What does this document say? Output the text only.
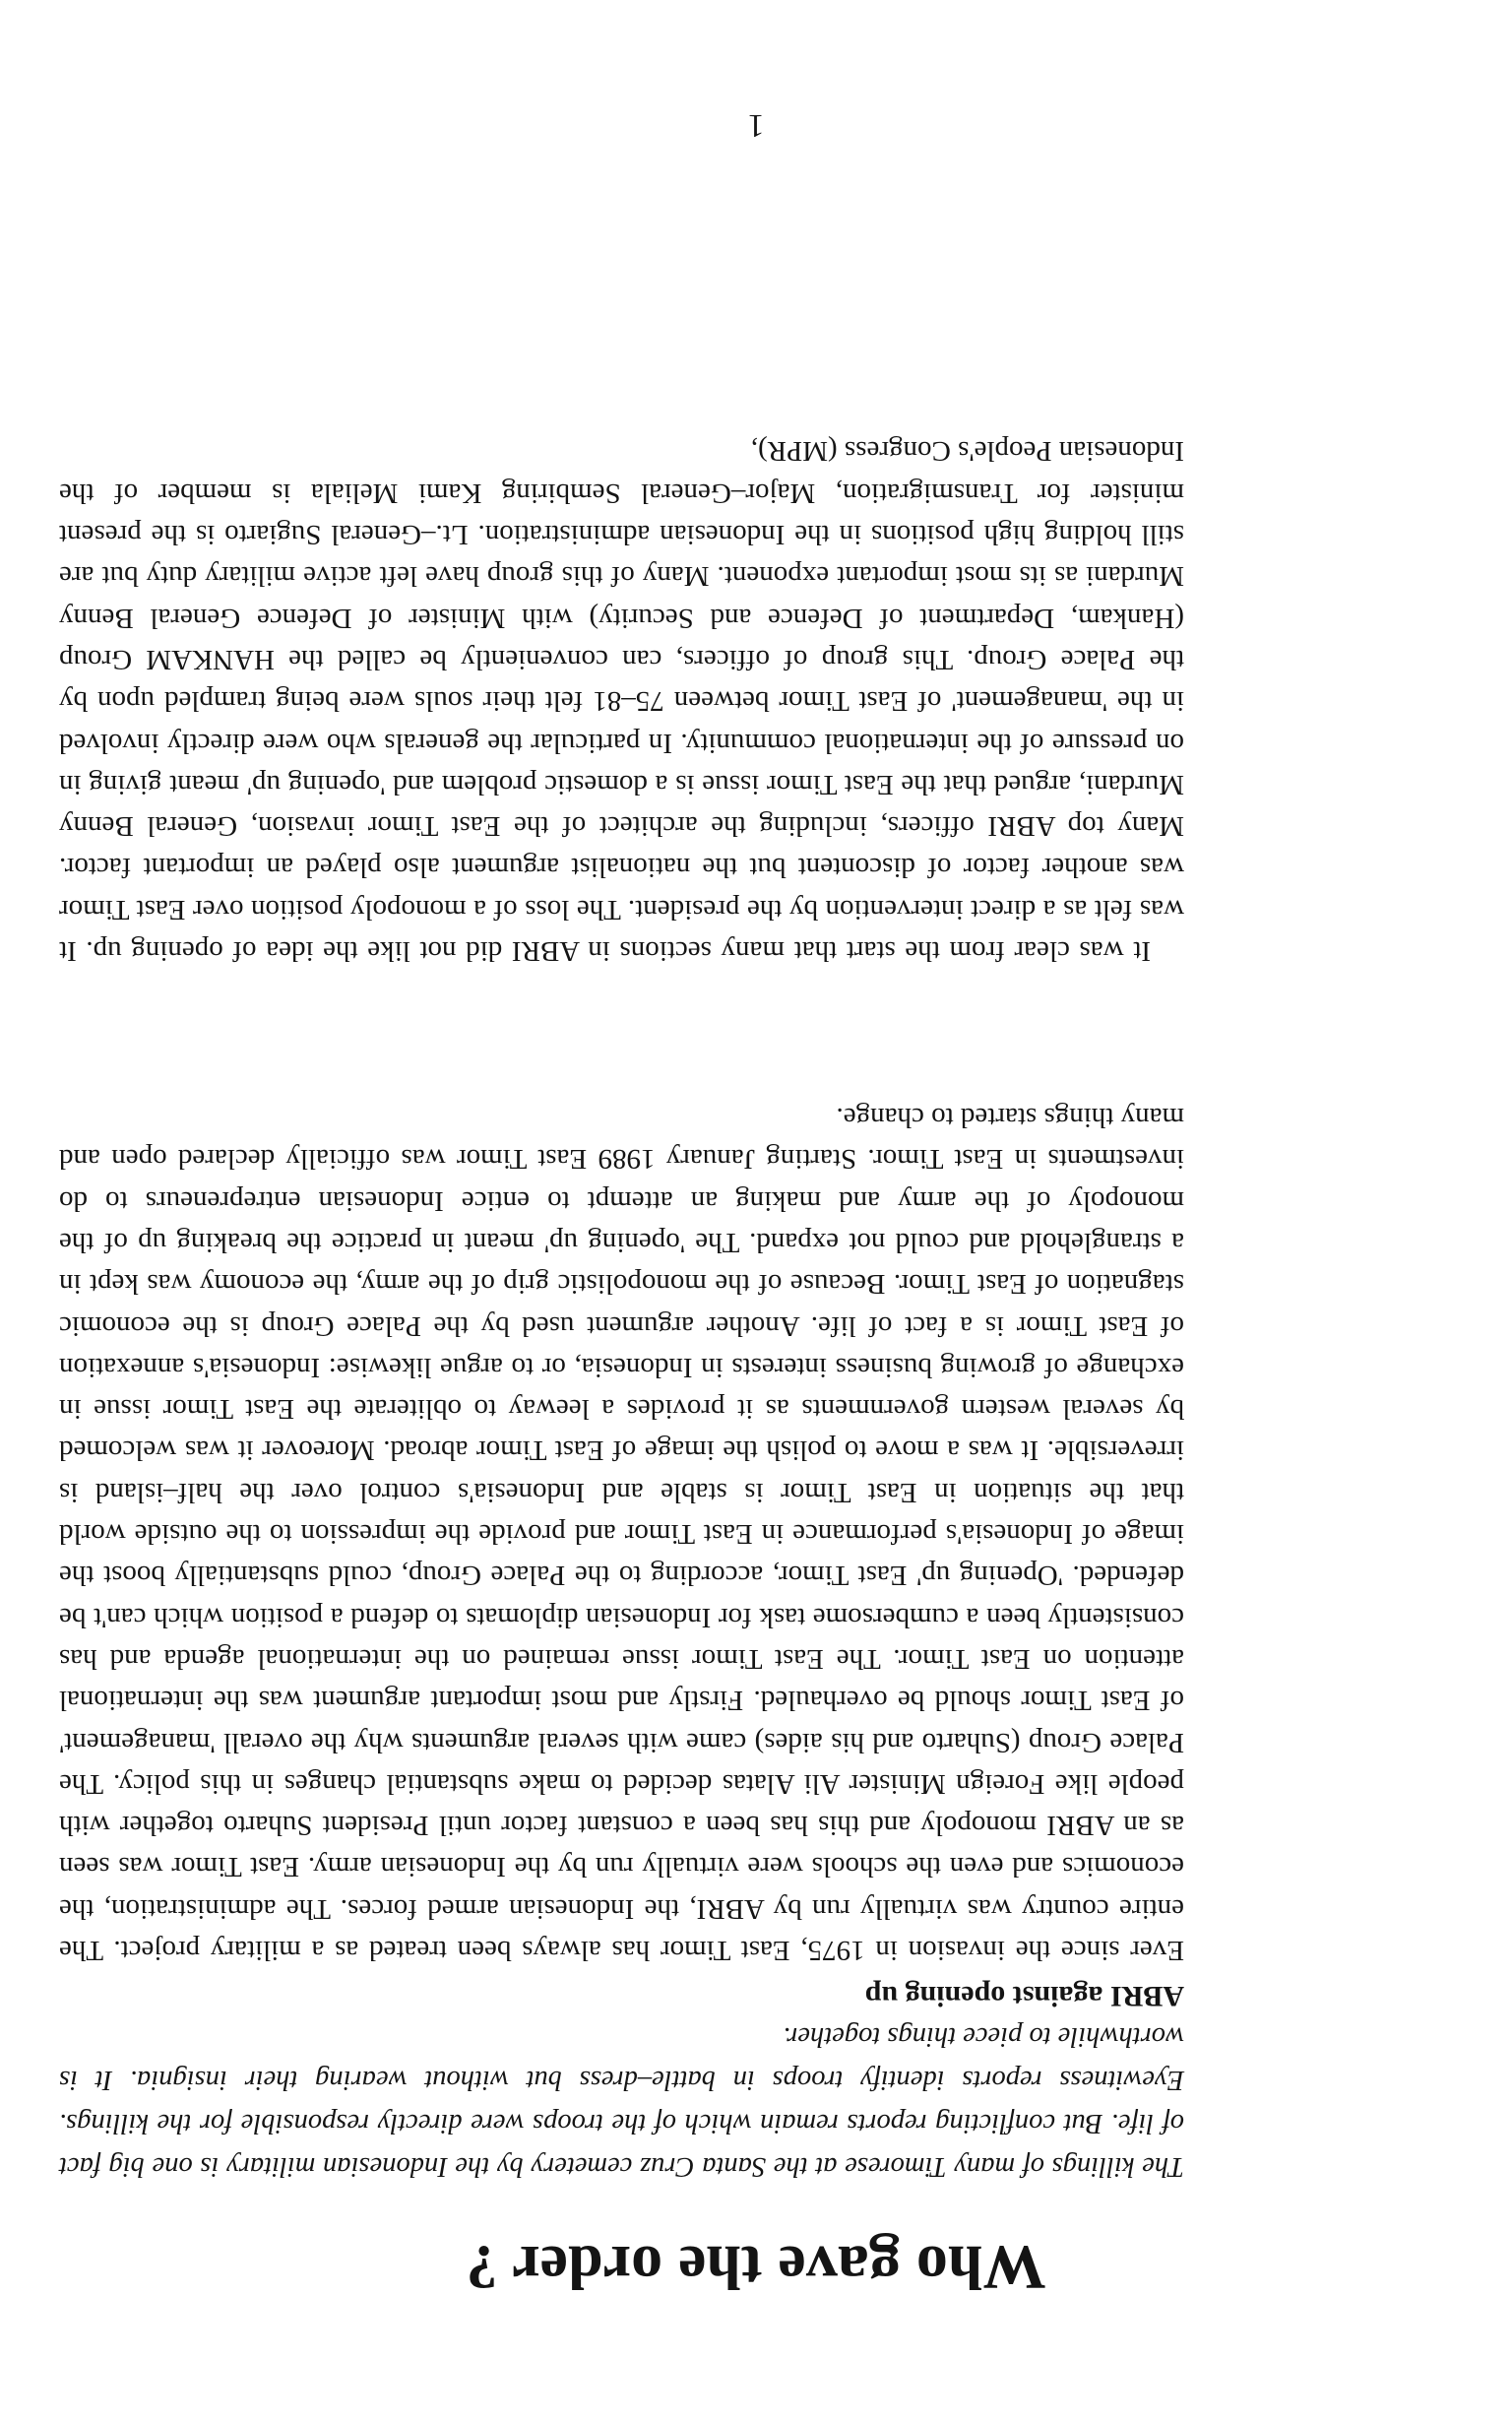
Who gave the order ?

The killings of many Timorese at the Santa Cruz cemetery by the Indonesian military is one big fact of life. But conflicting reports remain which of the troops were directly responsible for the killings. Eyewitness reports identify troops in battle–dress but without wearing their insignia. It is worthwhile to piece things together.

ABRI against opening up

Ever since the invasion in 1975, East Timor has always been treated as a military project. The entire country was virtually run by ABRI, the Indonesian armed forces. The administration, the economics and even the schools were virtually run by the Indonesian army. East Timor was seen as an ABRI monopoly and this has been a constant factor until President Suharto together with people like Foreign Minister Ali Alatas decided to make substantial changes in this policy. The Palace Group (Suharto and his aides) came with several arguments why the overall 'management' of East Timor should be overhauled. Firstly and most important argument was the international attention on East Timor. The East Timor issue remained on the international agenda and has consistently been a cumbersome task for Indonesian diplomats to defend a position which can't be defended. 'Opening up' East Timor, according to the Palace Group, could substantially boost the image of Indonesia's performance in East Timor and provide the impression to the outside world that the situation in East Timor is stable and Indonesia's control over the half–island is irreversible. It was a move to polish the image of East Timor abroad. Moreover it was welcomed by several western governments as it provides a leeway to obliterate the East Timor issue in exchange of growing business interests in Indonesia, or to argue likewise: Indonesia's annexation of East Timor is a fact of life. Another argument used by the Palace Group is the economic stagnation of East Timor. Because of the monopolistic grip of the army, the economy was kept in a stranglehold and could not expand. The 'opening up' meant in practice the breaking up of the monopoly of the army and making an attempt to entice Indonesian entrepreneurs to do investments in East Timor. Starting January 1989 East Timor was officially declared open and many things started to change.

It was clear from the start that many sections in ABRI did not like the idea of opening up. It was felt as a direct intervention by the president. The loss of a monopoly position over East Timor was another factor of discontent but the nationalist argument also played an important factor. Many top ABRI officers, including the architect of the East Timor invasion, General Benny Murdani, argued that the East Timor issue is a domestic problem and 'opening up' meant giving in on pressure of the international community. In particular the generals who were directly involved in the 'management' of East Timor between 75–81 felt their souls were being trampled upon by the Palace Group. This group of officers, can conveniently be called the HANKAM Group (Hankam, Department of Defence and Security) with Minister of Defence General Benny Murdani as its most important exponent. Many of this group have left active military duty but are still holding high positions in the Indonesian administration. Lt.–General Sugiarto is the present minister for Transmigration, Major–General Sembiring Kami Meliala is member of the Indonesian People's Congress (MPR),

1
